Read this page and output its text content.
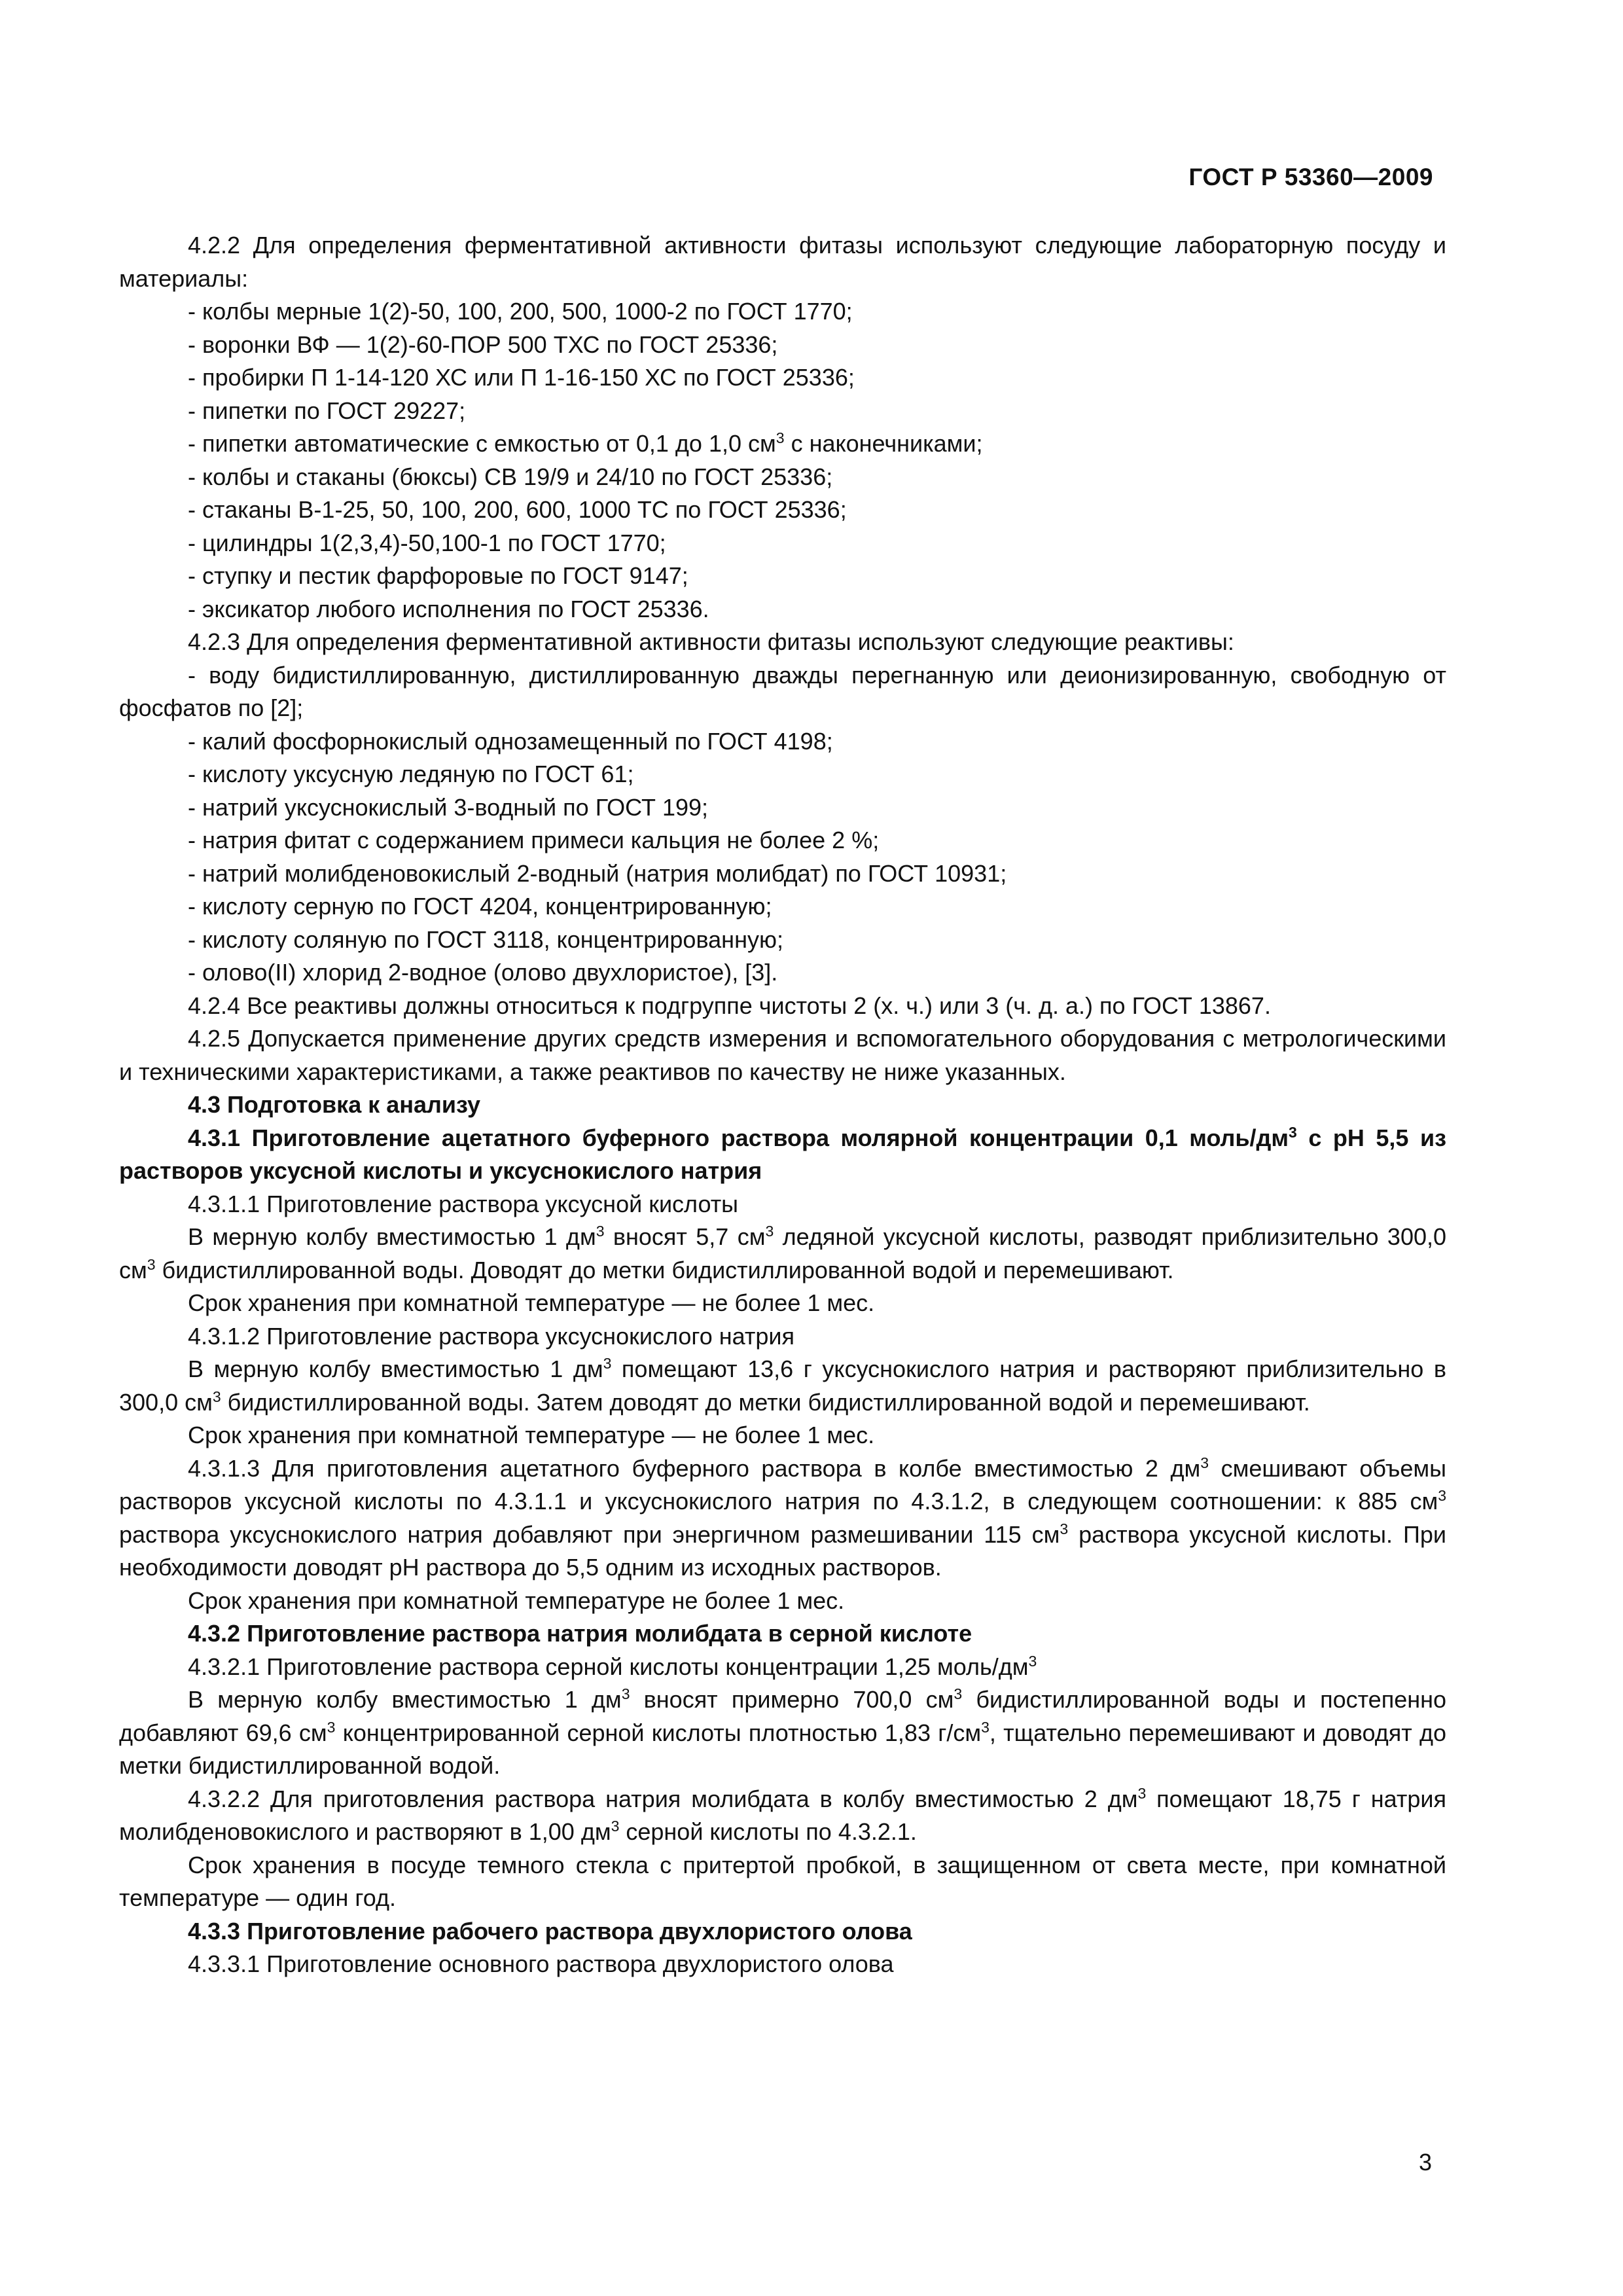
ГОСТ Р 53360—2009

4.2.2 Для определения ферментативной активности фитазы используют следующие лабораторную посуду и материалы:

- колбы мерные 1(2)-50, 100, 200, 500, 1000-2 по ГОСТ 1770;

- воронки ВФ — 1(2)-60-ПОР 500 ТХС по ГОСТ 25336;

- пробирки П 1-14-120 ХС или П 1-16-150 ХС по ГОСТ 25336;

- пипетки по ГОСТ 29227;

- пипетки автоматические с емкостью от 0,1 до 1,0 $см^3$ с наконечниками;

- колбы и стаканы (бюксы) СВ 19/9 и 24/10 по ГОСТ 25336;

- стаканы В-1-25, 50, 100, 200, 600, 1000 ТС по ГОСТ 25336;

- цилиндры 1(2,3,4)-50,100-1 по ГОСТ 1770;

- ступку и пестик фарфоровые по ГОСТ 9147;

- эксикатор любого исполнения по ГОСТ 25336.

4.2.3 Для определения ферментативной активности фитазы используют следующие реактивы:

- воду бидистиллированную, дистиллированную дважды перегнанную или деионизированную, свободную от фосфатов по [2];

- калий фосфорнокислый однозамещенный по ГОСТ 4198;

- кислоту уксусную ледяную по ГОСТ 61;

- натрий уксуснокислый 3-водный по ГОСТ 199;

- натрия фитат с содержанием примеси кальция не более 2 %;

- натрий молибденовокислый 2-водный (натрия молибдат) по ГОСТ 10931;

- кислоту серную по ГОСТ 4204, концентрированную;

- кислоту соляную по ГОСТ 3118, концентрированную;

- олово(II) хлорид 2-водное (олово двухлористое), [3].

4.2.4 Все реактивы должны относиться к подгруппе чистоты 2 (х. ч.) или 3 (ч. д. а.) по ГОСТ 13867.

4.2.5 Допускается применение других средств измерения и вспомогательного оборудования с метрологическими и техническими характеристиками, а также реактивов по качеству не ниже указанных.

4.3 Подготовка к анализу

4.3.1 Приготовление ацетатного буферного раствора молярной концентрации 0,1 моль/$дм^3$ с pH 5,5 из растворов уксусной кислоты и уксуснокислого натрия

4.3.1.1 Приготовление раствора уксусной кислоты

В мерную колбу вместимостью 1 $дм^3$ вносят 5,7 $см^3$ ледяной уксусной кислоты, разводят приблизительно 300,0 $см^3$ бидистиллированной воды. Доводят до метки бидистиллированной водой и перемешивают.

Срок хранения при комнатной температуре — не более 1 мес.

4.3.1.2 Приготовление раствора уксуснокислого натрия

В мерную колбу вместимостью 1 $дм^3$ помещают 13,6 г уксуснокислого натрия и растворяют приблизительно в 300,0 $см^3$ бидистиллированной воды. Затем доводят до метки бидистиллированной водой и перемешивают.

Срок хранения при комнатной температуре — не более 1 мес.

4.3.1.3 Для приготовления ацетатного буферного раствора в колбе вместимостью 2 $дм^3$ смешивают объемы растворов уксусной кислоты по 4.3.1.1 и уксуснокислого натрия по 4.3.1.2, в следующем соотношении: к 885 $см^3$ раствора уксуснокислого натрия добавляют при энергичном размешивании 115 $см^3$ раствора уксусной кислоты. При необходимости доводят pH раствора до 5,5 одним из исходных растворов.

Срок хранения при комнатной температуре не более 1 мес.

4.3.2 Приготовление раствора натрия молибдата в серной кислоте

4.3.2.1 Приготовление раствора серной кислоты концентрации 1,25 моль/$дм^3$

В мерную колбу вместимостью 1 $дм^3$ вносят примерно 700,0 $см^3$ бидистиллированной воды и постепенно добавляют 69,6 $см^3$ концентрированной серной кислоты плотностью 1,83 $г/см^3$, тщательно перемешивают и доводят до метки бидистиллированной водой.

4.3.2.2 Для приготовления раствора натрия молибдата в колбу вместимостью 2 $дм^3$ помещают 18,75 г натрия молибденовокислого и растворяют в 1,00 $дм^3$ серной кислоты по 4.3.2.1.

Срок хранения в посуде темного стекла с притертой пробкой, в защищенном от света месте, при комнатной температуре — один год.

4.3.3 Приготовление рабочего раствора двухлористого олова

4.3.3.1 Приготовление основного раствора двухлористого олова

3
